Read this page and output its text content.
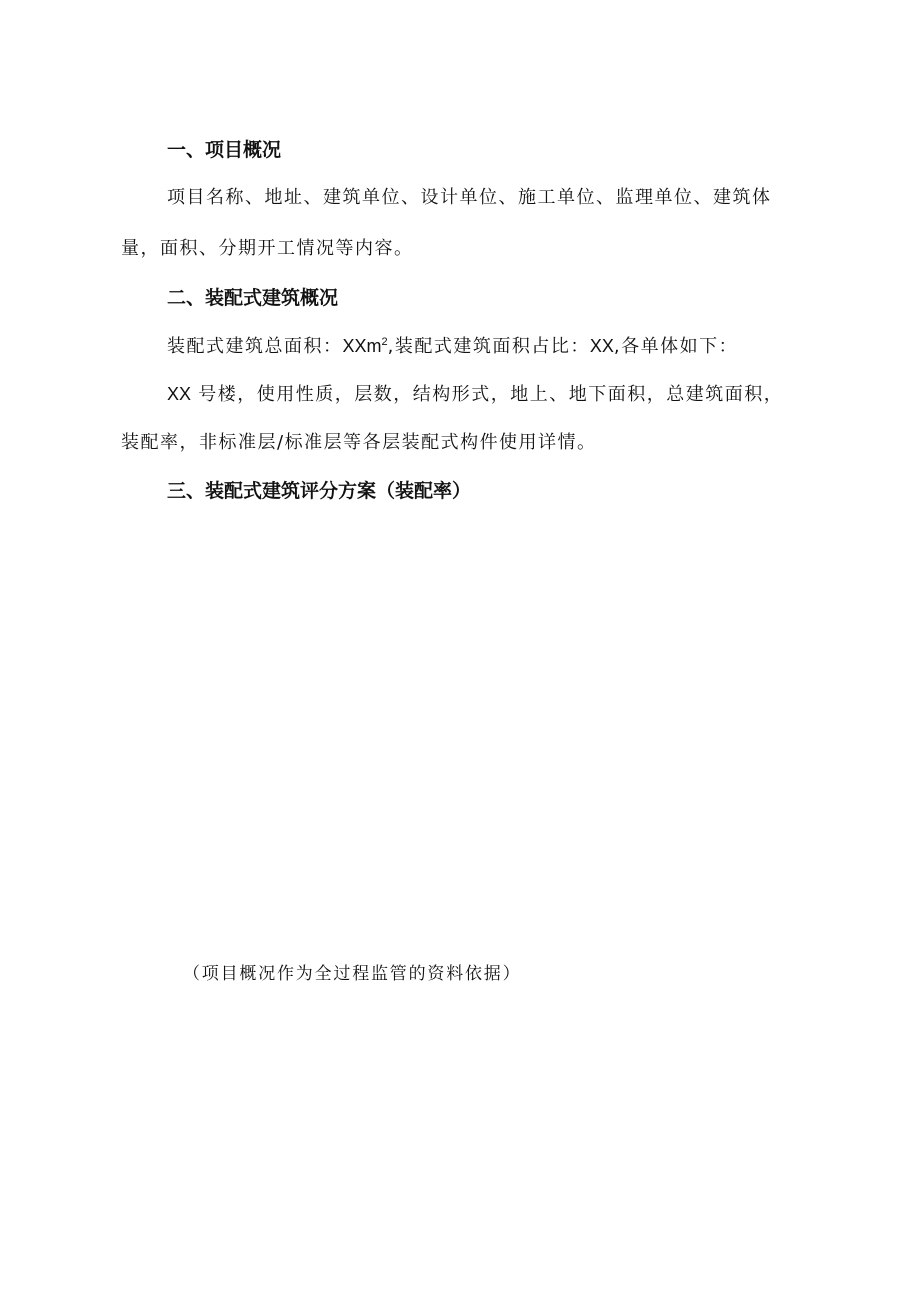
一、项目概况
项目名称、地址、建筑单位、设计单位、施工单位、监理单位、建筑体
量，面积、分期开工情况等内容。
二、装配式建筑概况
装配式建筑总面积：XXm$^2$,装配式建筑面积占比：XX,各单体如下：
XX 号楼，使用性质，层数，结构形式，地上、地下面积，总建筑面积，
装配率，非标准层/标准层等各层装配式构件使用详情。
三、装配式建筑评分方案（装配率）
（项目概况作为全过程监管的资料依据）
